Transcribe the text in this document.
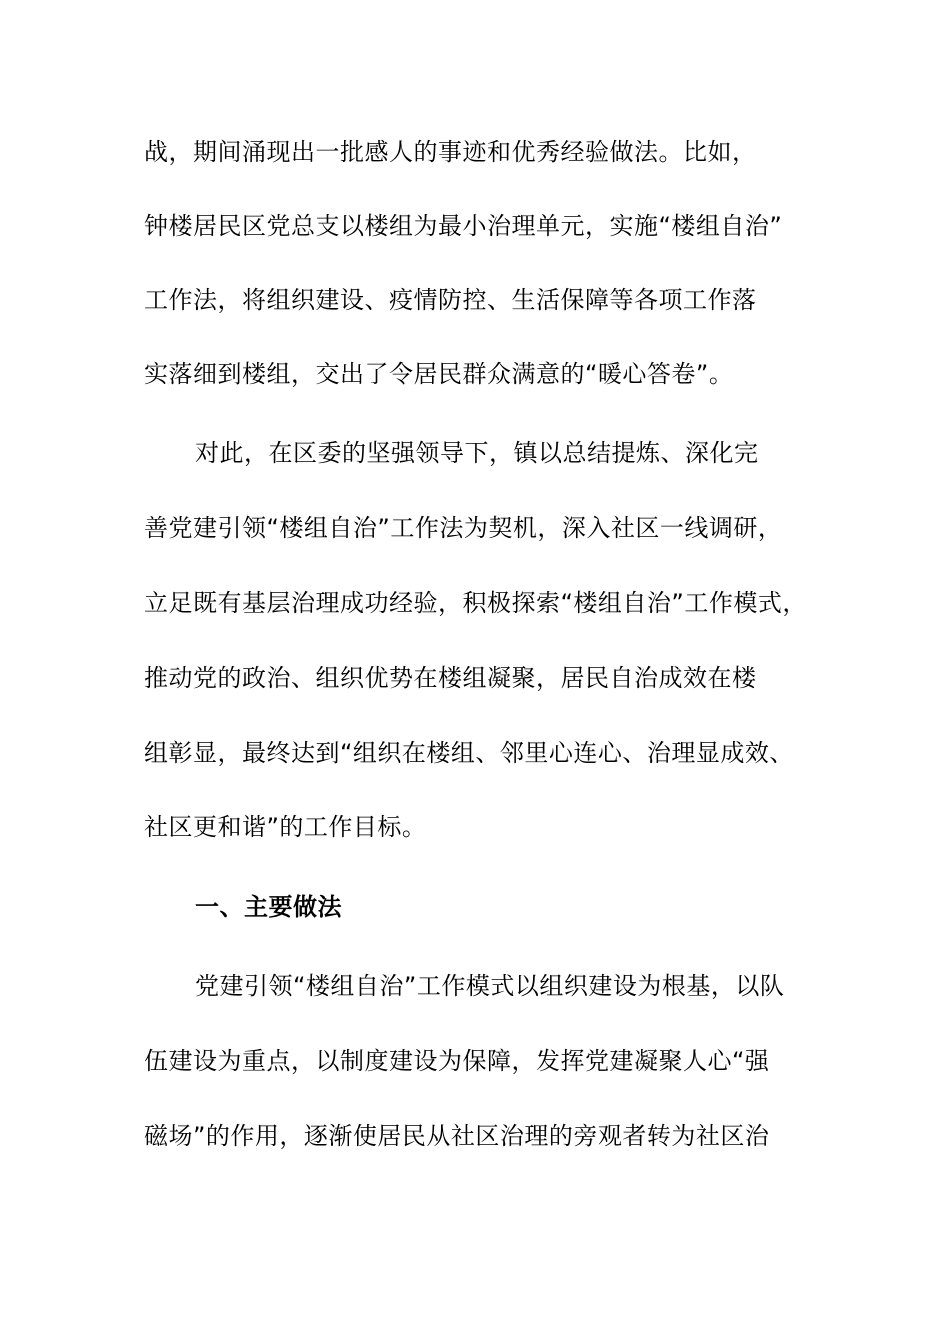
战，期间涌现出一批感人的事迹和优秀经验做法。比如，
钟楼居民区党总支以楼组为最小治理单元，实施“楼组自治”
工作法，将组织建设、疫情防控、生活保障等各项工作落
实落细到楼组，交出了令居民群众满意的“暖心答卷”。
对此，在区委的坚强领导下，镇以总结提炼、深化完
善党建引领“楼组自治”工作法为契机，深入社区一线调研，
立足既有基层治理成功经验，积极探索“楼组自治”工作模式，
推动党的政治、组织优势在楼组凝聚，居民自治成效在楼
组彰显，最终达到“组织在楼组、邻里心连心、治理显成效、
社区更和谐”的工作目标。
一、主要做法
党建引领“楼组自治”工作模式以组织建设为根基，以队
伍建设为重点，以制度建设为保障，发挥党建凝聚人心“强
磁场”的作用，逐渐使居民从社区治理的旁观者转为社区治
